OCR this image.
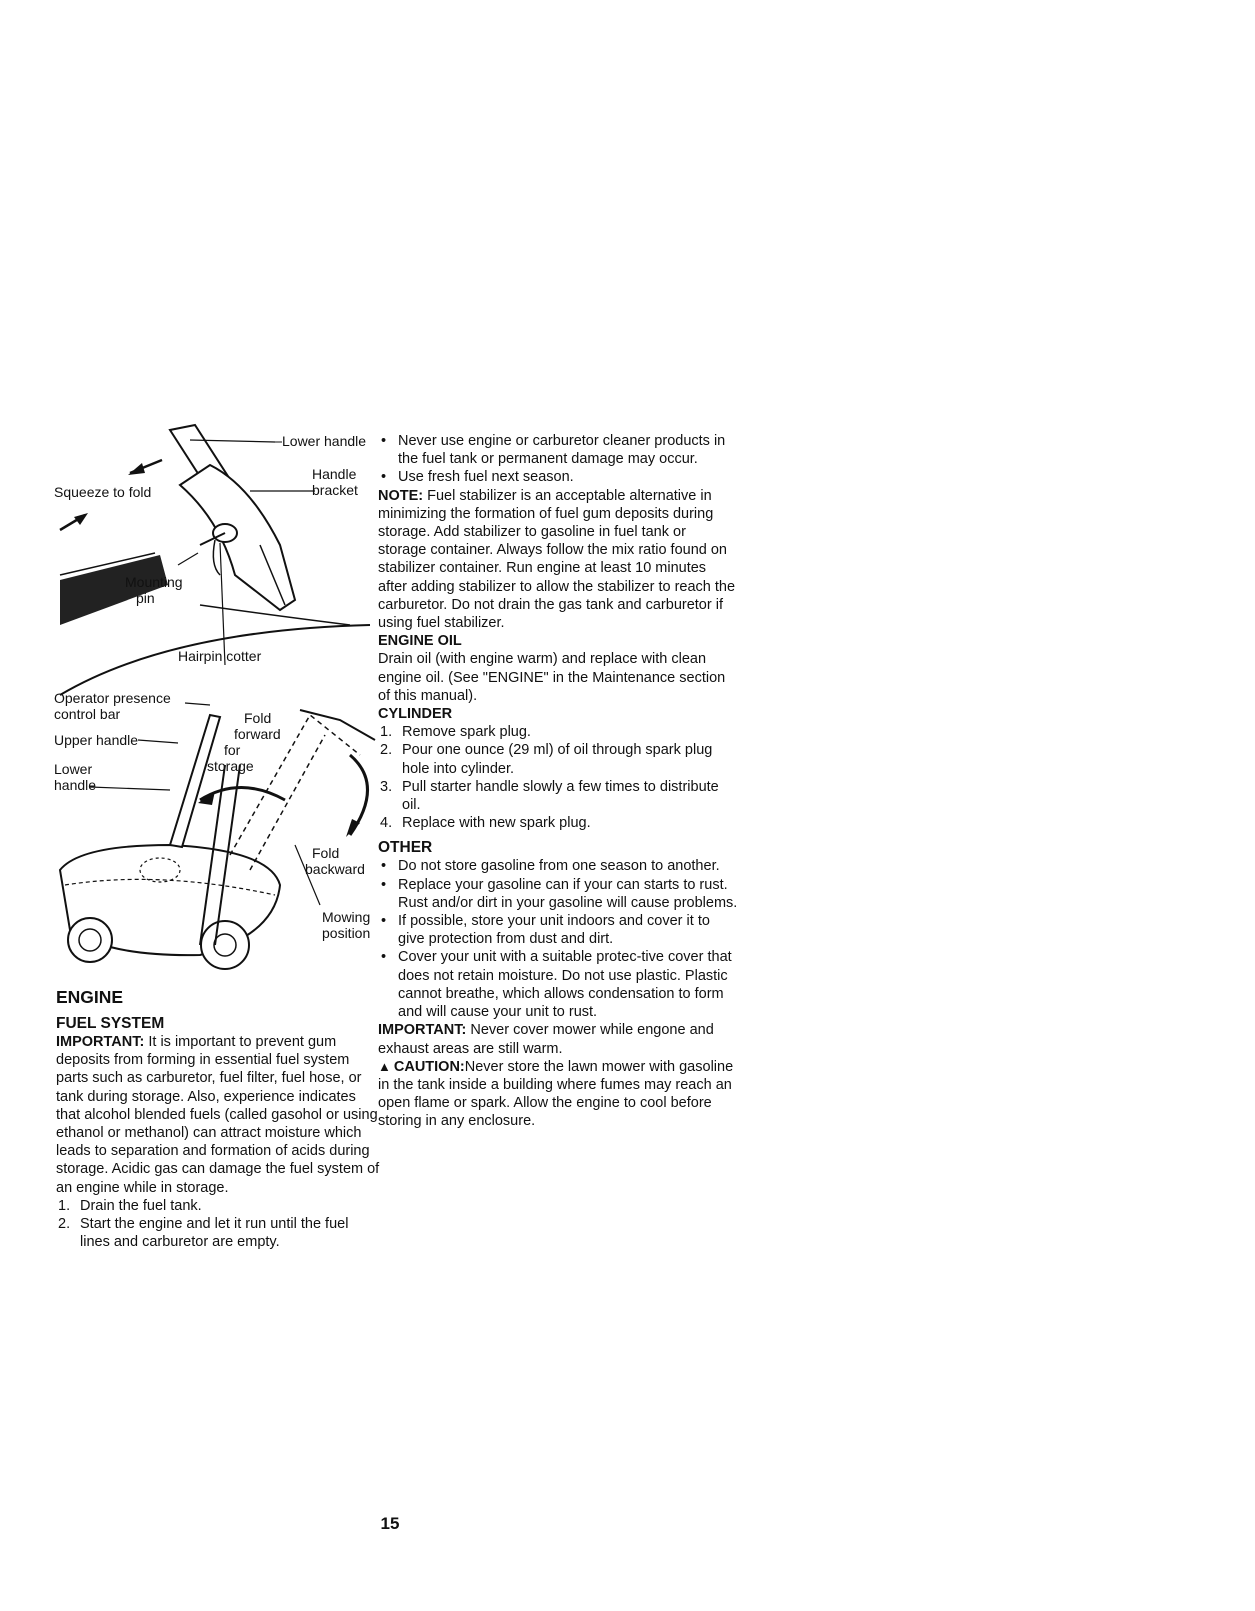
Lower handle
Handle
bracket
Squeeze to fold
Mounting
pin
Hairpin cotter
Operator presence
control bar
Upper handle
Lower
handle
Fold
forward
for
storage
Fold
backward
Mowing
position
ENGINE
FUEL SYSTEM

IMPORTANT: It is important to prevent gum deposits from forming in essential fuel system parts such as carburetor, fuel filter, fuel hose, or tank during storage. Also, experience indicates that alcohol blended fuels (called gasohol or using ethanol or methanol) can attract moisture which leads to separation and formation of acids during storage. Acidic gas can damage the fuel system of an engine while in storage.

1. Drain the fuel tank.
2. Start the engine and let it run until the fuel lines and carburetor are empty.
• Never use engine or carburetor cleaner products in the fuel tank or permanent damage may occur.
• Use fresh fuel next season.

NOTE: Fuel stabilizer is an acceptable alternative in minimizing the formation of fuel gum deposits during storage. Add stabilizer to gasoline in fuel tank or storage container. Always follow the mix ratio found on stabilizer container. Run engine at least 10 minutes after adding stabilizer to allow the stabilizer to reach the carburetor. Do not drain the gas tank and carburetor if using fuel stabilizer.

ENGINE OIL

Drain oil (with engine warm) and replace with clean engine oil. (See "ENGINE" in the Maintenance section of this manual).

CYLINDER
1. Remove spark plug.
2. Pour one ounce (29 ml) of oil through spark plug hole into cylinder.
3. Pull starter handle slowly a few times to distribute oil.
4. Replace with new spark plug.
OTHER
• Do not store gasoline from one season to another.
• Replace your gasoline can if your can starts to rust. Rust and/or dirt in your gasoline will cause problems.
• If possible, store your unit indoors and cover it to give protection from dust and dirt.
• Cover your unit with a suitable protec-tive cover that does not retain moisture. Do not use plastic. Plastic cannot breathe, which allows condensation to form and will cause your unit to rust.

IMPORTANT: Never cover mower while engone and exhaust areas are still warm.

▲ CAUTION:Never store the lawn mower with gasoline in the tank inside a building where fumes may reach an open flame or spark. Allow the engine to cool before storing in any enclosure.

15
